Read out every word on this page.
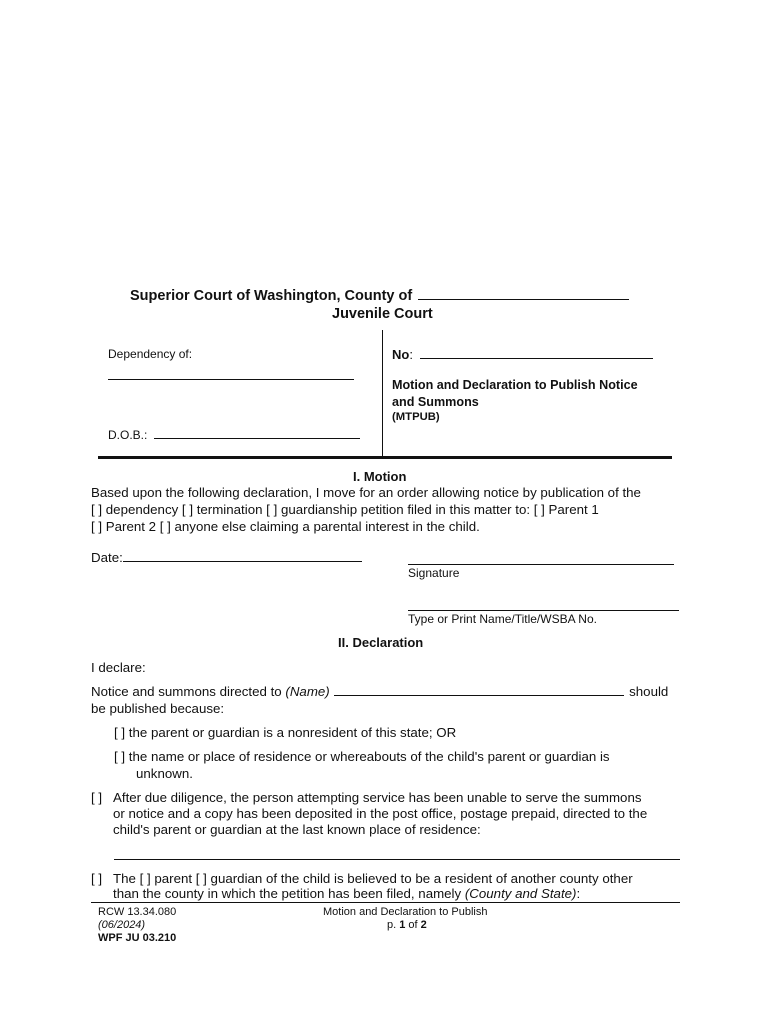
Superior Court of Washington, County of
Juvenile Court
Dependency of:
D.O.B.:
No:
Motion and Declaration to Publish Notice
and Summons
(MTPUB)
I. Motion
Based upon the following declaration, I move for an order allowing notice by publication of the
[ ] dependency [ ] termination [ ] guardianship petition filed in this matter to: [ ] Parent 1
[ ] Parent 2 [ ] anyone else claiming a parental interest in the child.
Date:
Signature
Type or Print Name/Title/WSBA No.
II. Declaration
I declare:
Notice and summons directed to (Name)	should
be published because:
[ ] the parent or guardian is a nonresident of this state; OR
[ ] the name or place of residence or whereabouts of the child's parent or guardian is
unknown.
[ ] After due diligence, the person attempting service has been unable to serve the summons
or notice and a copy has been deposited in the post office, postage prepaid, directed to the
child's parent or guardian at the last known place of residence:
[ ] The [ ] parent [ ] guardian of the child is believed to be a resident of another county other
than the county in which the petition has been filed, namely (County and State):
RCW 13.34.080
(06/2024)
WPF JU 03.210
Motion and Declaration to Publish
p. 1 of 2
